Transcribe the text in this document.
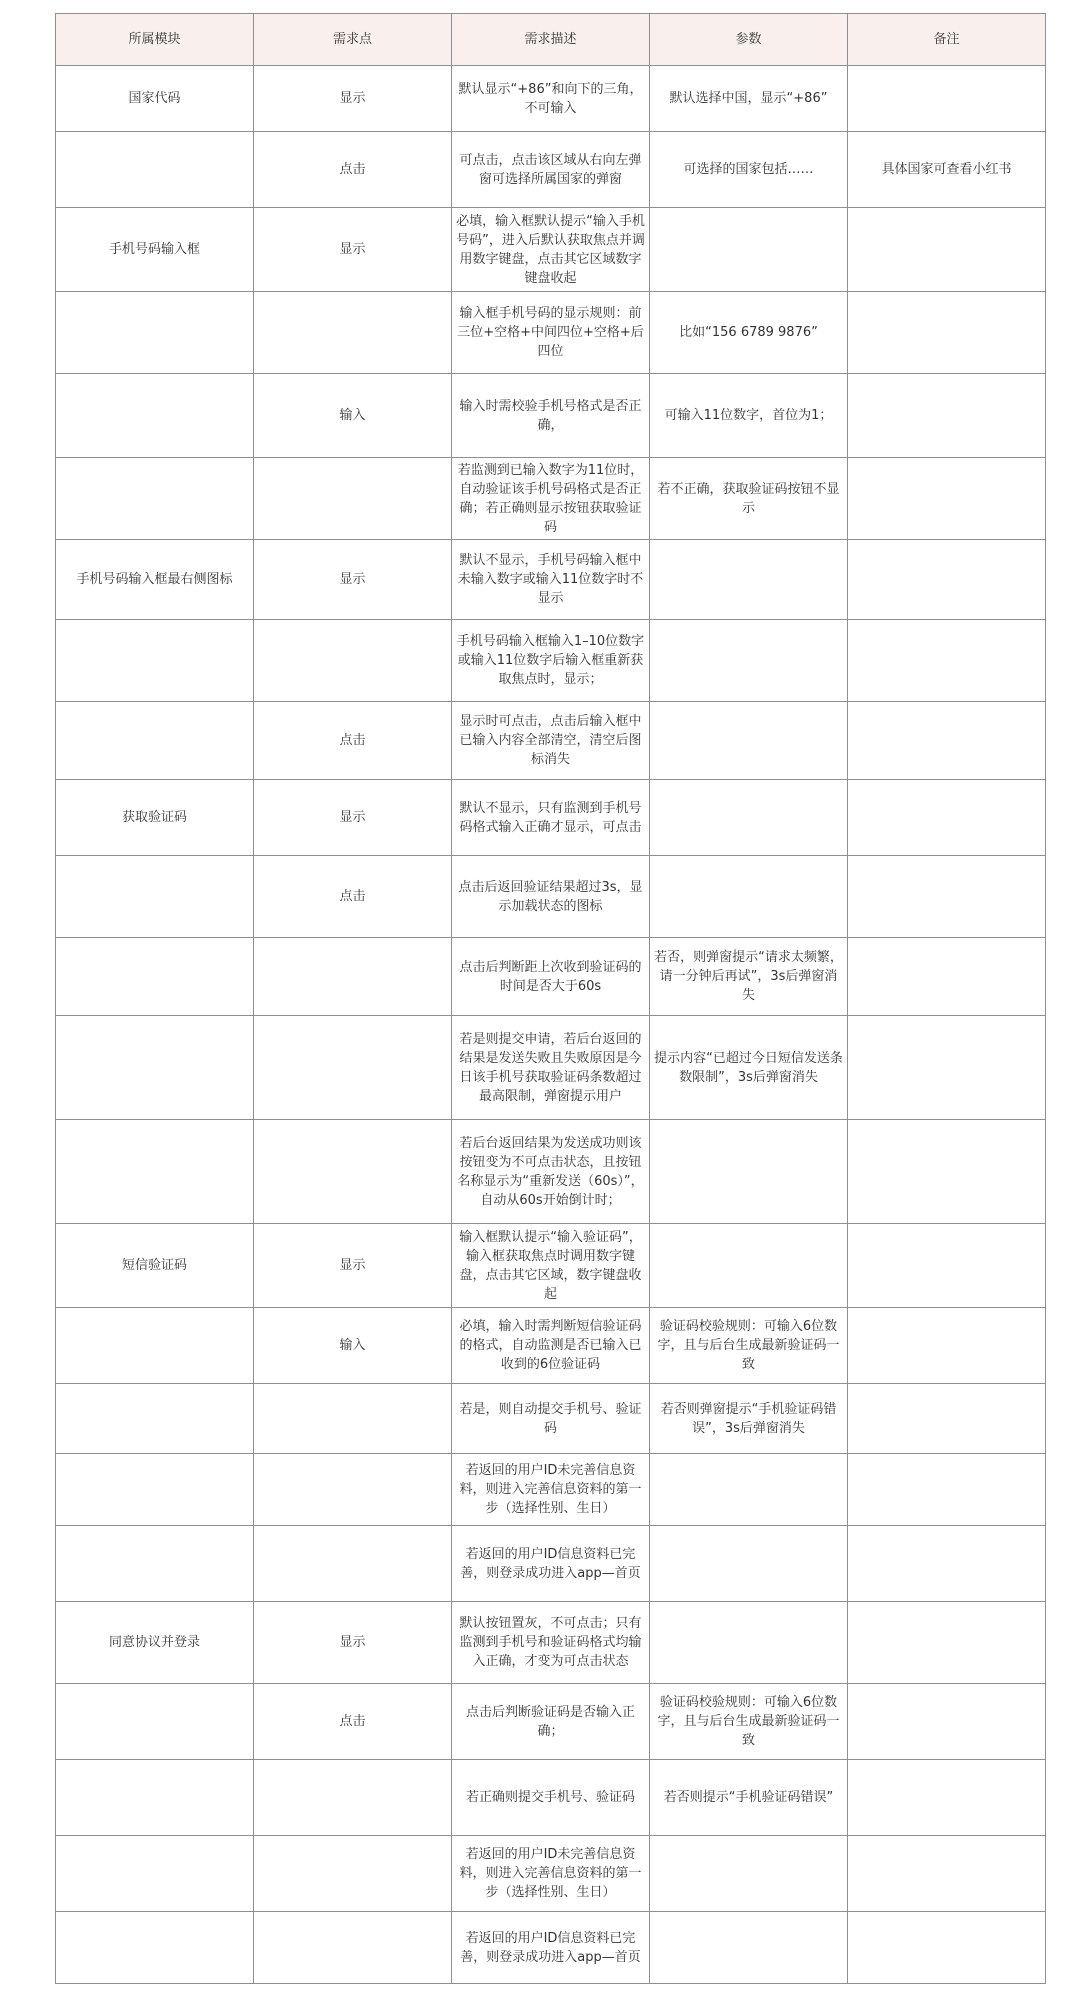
所属模块	需求点	需求描述	参数	备注
国家代码	显示	默认显示“+86”和向下的三角，不可输入	默认选择中国，显示“+86”	
	点击	可点击，点击该区域从右向左弹窗可选择所属国家的弹窗	可选择的国家包括……	具体国家可查看小红书
手机号码输入框	显示	必填，输入框默认提示“输入手机号码”，进入后默认获取焦点并调用数字键盘，点击其它区域数字键盘收起		
		输入框手机号码的显示规则：前三位+空格+中间四位+空格+后四位	比如“156 6789 9876”	
	输入	输入时需校验手机号格式是否正确，	可输入11位数字，首位为1；	
		若监测到已输入数字为11位时，自动验证该手机号码格式是否正确；若正确则显示按钮获取验证码	若不正确，获取验证码按钮不显示	
手机号码输入框最右侧图标	显示	默认不显示，手机号码输入框中未输入数字或输入11位数字时不显示		
		手机号码输入框输入1–10位数字或输入11位数字后输入框重新获取焦点时，显示；		
	点击	显示时可点击，点击后输入框中已输入内容全部清空，清空后图标消失		
获取验证码	显示	默认不显示，只有监测到手机号码格式输入正确才显示，可点击		
	点击	点击后返回验证结果超过3s，显示加载状态的图标		
		点击后判断距上次收到验证码的时间是否大于60s	若否，则弹窗提示“请求太频繁，请一分钟后再试”，3s后弹窗消失	
		若是则提交申请，若后台返回的结果是发送失败且失败原因是今日该手机号获取验证码条数超过最高限制，弹窗提示用户	提示内容“已超过今日短信发送条数限制”，3s后弹窗消失	
		若后台返回结果为发送成功则该按钮变为不可点击状态，且按钮名称显示为“重新发送（60s）”，自动从60s开始倒计时；		
短信验证码	显示	输入框默认提示“输入验证码”，输入框获取焦点时调用数字键盘，点击其它区域，数字键盘收起		
	输入	必填，输入时需判断短信验证码的格式，自动监测是否已输入已收到的6位验证码	验证码校验规则：可输入6位数字，且与后台生成最新验证码一致	
		若是，则自动提交手机号、验证码	若否则弹窗提示“手机验证码错误”，3s后弹窗消失	
		若返回的用户ID未完善信息资料，则进入完善信息资料的第一步（选择性别、生日）		
		若返回的用户ID信息资料已完善，则登录成功进入app—首页		
同意协议并登录	显示	默认按钮置灰，不可点击；只有监测到手机号和验证码格式均输入正确，才变为可点击状态		
	点击	点击后判断验证码是否输入正确；	验证码校验规则：可输入6位数字，且与后台生成最新验证码一致	
		若正确则提交手机号、验证码	若否则提示“手机验证码错误”	
		若返回的用户ID未完善信息资料，则进入完善信息资料的第一步（选择性别、生日）		
		若返回的用户ID信息资料已完善，则登录成功进入app—首页		
